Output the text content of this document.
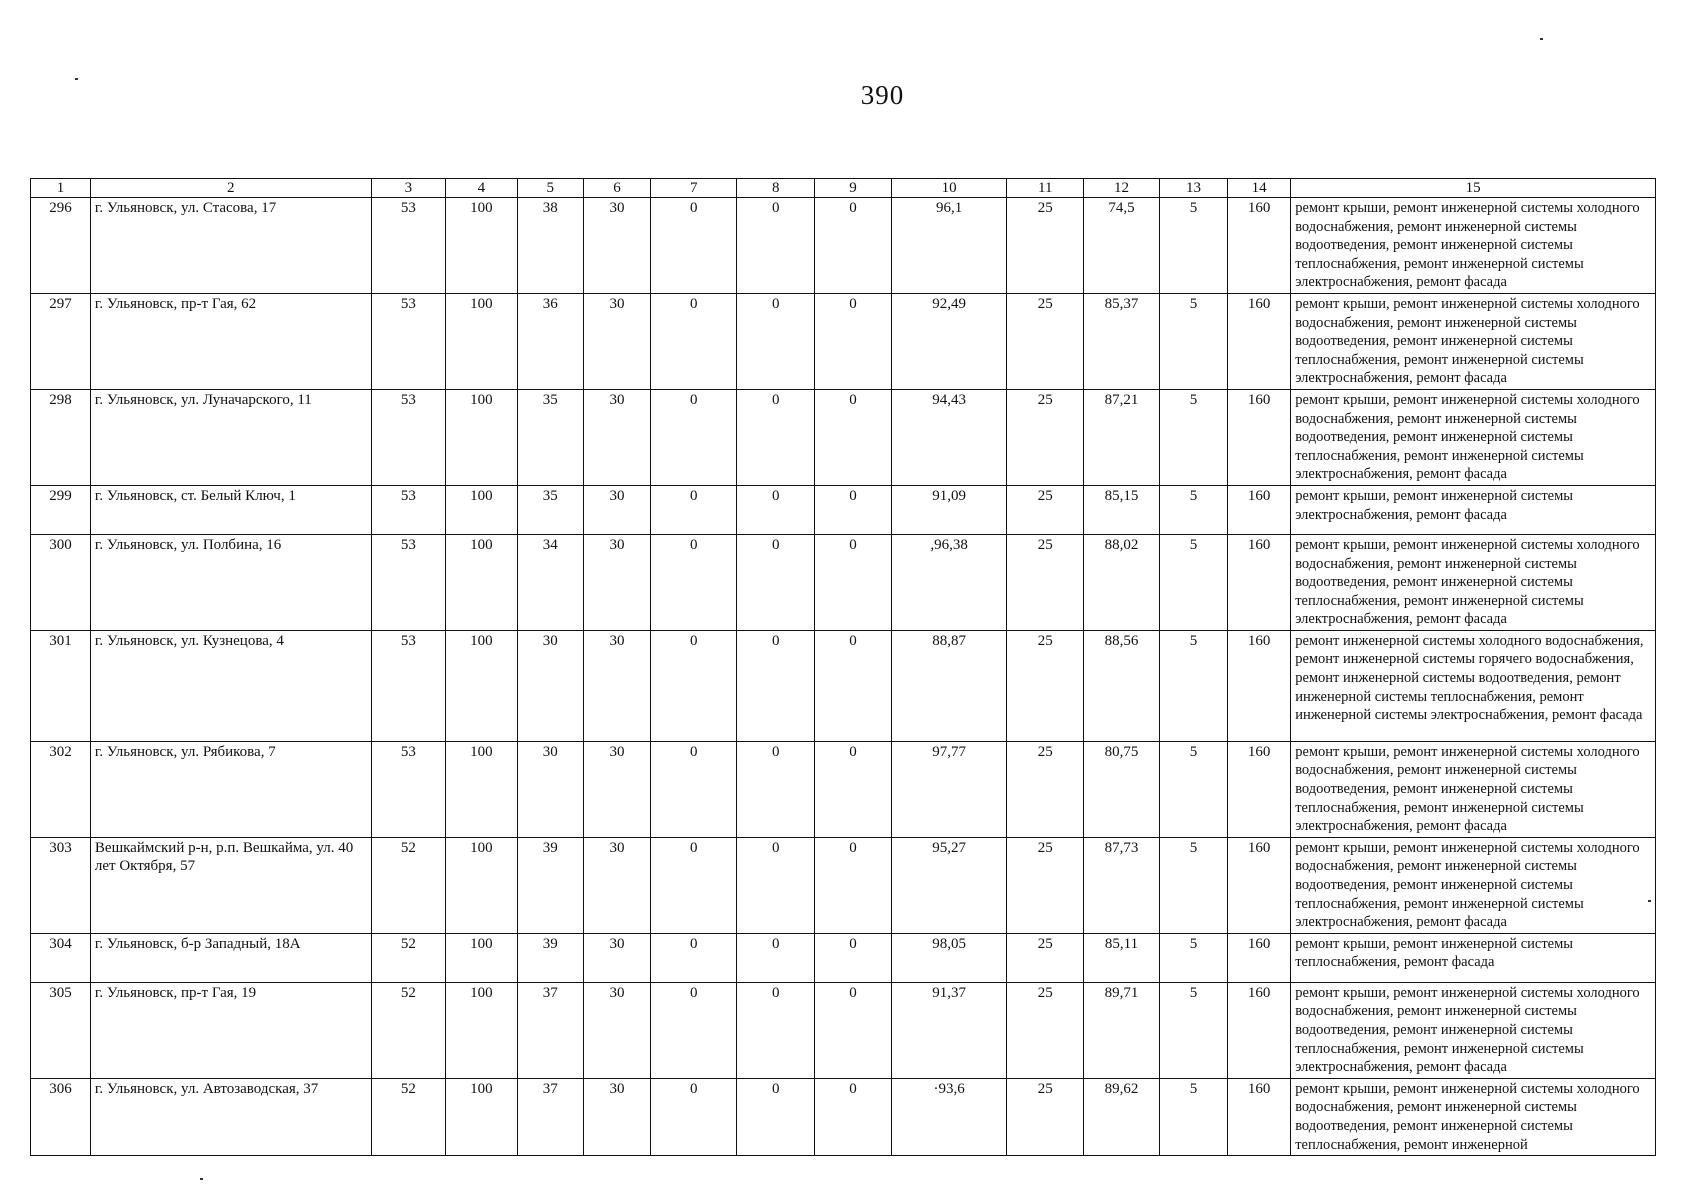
390
1	2	3	4	5	6	7	8	9	10	11	12	13	14	15
296	г. Ульяновск, ул. Стасова, 17	53	100	38	30	0	0	0	96,1	25	74,5	5	160	ремонт крыши, ремонт инженерной системы холодного водоснабжения, ремонт инженерной системы водоотведения, ремонт инженерной системы теплоснабжения, ремонт инженерной системы электроснабжения, ремонт фасада
297	г. Ульяновск, пр-т Гая, 62	53	100	36	30	0	0	0	92,49	25	85,37	5	160	ремонт крыши, ремонт инженерной системы холодного водоснабжения, ремонт инженерной системы водоотведения, ремонт инженерной системы теплоснабжения, ремонт инженерной системы электроснабжения, ремонт фасада
298	г. Ульяновск, ул. Луначарского, 11	53	100	35	30	0	0	0	94,43	25	87,21	5	160	ремонт крыши, ремонт инженерной системы холодного водоснабжения, ремонт инженерной системы водоотведения, ремонт инженерной системы теплоснабжения, ремонт инженерной системы электроснабжения, ремонт фасада
299	г. Ульяновск, ст. Белый Ключ, 1	53	100	35	30	0	0	0	91,09	25	85,15	5	160	ремонт крыши, ремонт инженерной системы электроснабжения, ремонт фасада
300	г. Ульяновск, ул. Полбина, 16	53	100	34	30	0	0	0	,96,38	25	88,02	5	160	ремонт крыши, ремонт инженерной системы холодного водоснабжения, ремонт инженерной системы водоотведения, ремонт инженерной системы теплоснабжения, ремонт инженерной системы электроснабжения, ремонт фасада
301	г. Ульяновск, ул. Кузнецова, 4	53	100	30	30	0	0	0	88,87	25	88,56	5	160	ремонт инженерной системы холодного водоснабжения, ремонт инженерной системы горячего водоснабжения, ремонт инженерной системы водоотведения, ремонт инженерной системы теплоснабжения, ремонт инженерной системы электроснабжения, ремонт фасада
302	г. Ульяновск, ул. Рябикова, 7	53	100	30	30	0	0	0	97,77	25	80,75	5	160	ремонт крыши, ремонт инженерной системы холодного водоснабжения, ремонт инженерной системы водоотведения, ремонт инженерной системы теплоснабжения, ремонт инженерной системы электроснабжения, ремонт фасада
303	Вешкаймский р-н, р.п. Вешкайма, ул. 40 лет Октября, 57	52	100	39	30	0	0	0	95,27	25	87,73	5	160	ремонт крыши, ремонт инженерной системы холодного водоснабжения, ремонт инженерной системы водоотведения, ремонт инженерной системы теплоснабжения, ремонт инженерной системы электроснабжения, ремонт фасада
304	г. Ульяновск, б-р Западный, 18А	52	100	39	30	0	0	0	98,05	25	85,11	5	160	ремонт крыши, ремонт инженерной системы теплоснабжения, ремонт фасада
305	г. Ульяновск, пр-т Гая, 19	52	100	37	30	0	0	0	91,37	25	89,71	5	160	ремонт крыши, ремонт инженерной системы холодного водоснабжения, ремонт инженерной системы водоотведения, ремонт инженерной системы теплоснабжения, ремонт инженерной системы электроснабжения, ремонт фасада
306	г. Ульяновск, ул. Автозаводская, 37	52	100	37	30	0	0	0	·93,6	25	89,62	5	160	ремонт крыши, ремонт инженерной системы холодного водоснабжения, ремонт инженерной системы водоотведения, ремонт инженерной системы теплоснабжения, ремонт инженерной
